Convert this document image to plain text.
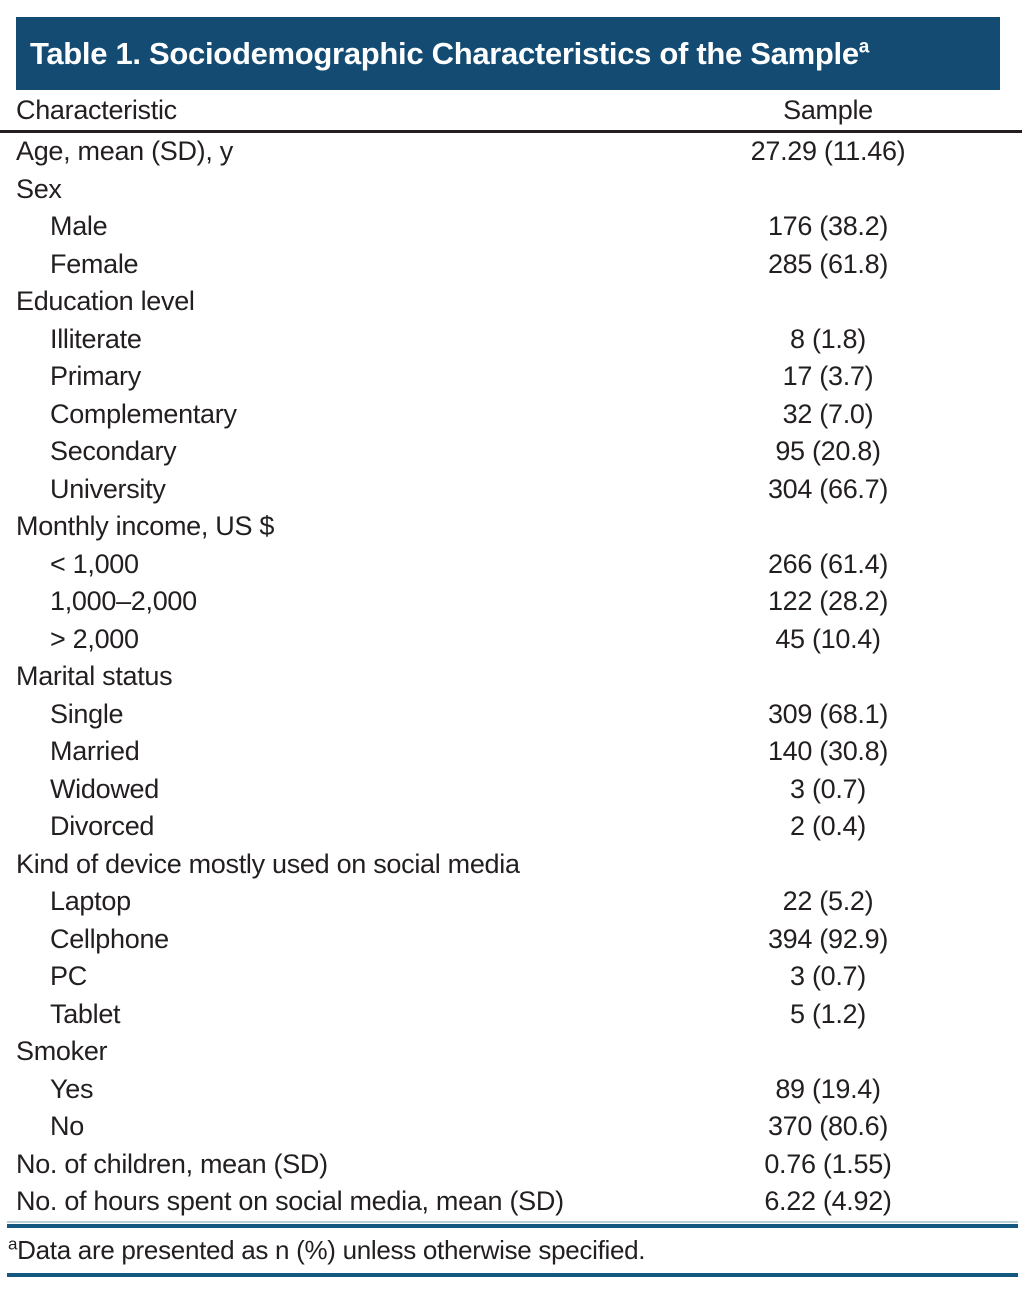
Table 1. Sociodemographic Characteristics of the Sample$^a$
Characteristic	Sample
Age, mean (SD), y	27.29 (11.46)
Sex
Male	176 (38.2)
Female	285 (61.8)
Education level
Illiterate	8 (1.8)
Primary	17 (3.7)
Complementary	32 (7.0)
Secondary	95 (20.8)
University	304 (66.7)
Monthly income, US $
< 1,000	266 (61.4)
1,000–2,000	122 (28.2)
> 2,000	45 (10.4)
Marital status
Single	309 (68.1)
Married	140 (30.8)
Widowed	3 (0.7)
Divorced	2 (0.4)
Kind of device mostly used on social media
Laptop	22 (5.2)
Cellphone	394 (92.9)
PC	3 (0.7)
Tablet	5 (1.2)
Smoker
Yes	89 (19.4)
No	370 (80.6)
No. of children, mean (SD)	0.76 (1.55)
No. of hours spent on social media, mean (SD)	6.22 (4.92)
$^a$Data are presented as n (%) unless otherwise specified.
